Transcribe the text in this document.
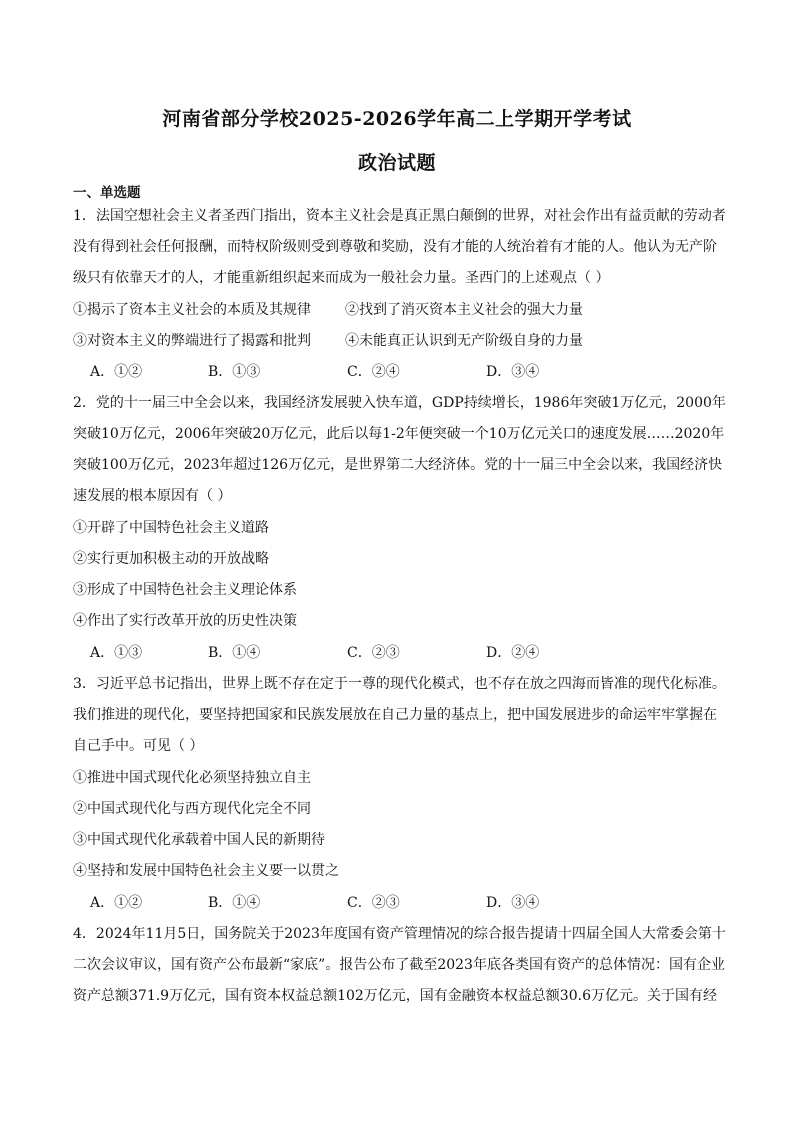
河南省部分学校2025-2026学年高二上学期开学考试
政治试题
一、单选题
1．法国空想社会主义者圣西门指出，资本主义社会是真正黑白颠倒的世界，对社会作出有益贡献的劳动者
没有得到社会任何报酬，而特权阶级则受到尊敬和奖励，没有才能的人统治着有才能的人。他认为无产阶
级只有依靠天才的人，才能重新组织起来而成为一般社会力量。圣西门的上述观点（ ）
①揭示了资本主义社会的本质及其规律 ②找到了消灭资本主义社会的强大力量
③对资本主义的弊端进行了揭露和批判 ④未能真正认识到无产阶级自身的力量
A．①②	B．①③	C．②④	D．③④
2．党的十一届三中全会以来，我国经济发展驶入快车道，GDP持续增长，1986年突破1万亿元，2000年
突破10万亿元，2006年突破20万亿元，此后以每1-2年便突破一个10万亿元关口的速度发展……2020年
突破100万亿元，2023年超过126万亿元，是世界第二大经济体。党的十一届三中全会以来，我国经济快
速发展的根本原因有（ ）
①开辟了中国特色社会主义道路
②实行更加积极主动的开放战略
③形成了中国特色社会主义理论体系
④作出了实行改革开放的历史性决策
A．①③	B．①④	C．②③	D．②④
3．习近平总书记指出，世界上既不存在定于一尊的现代化模式，也不存在放之四海而皆准的现代化标准。
我们推进的现代化，要坚持把国家和民族发展放在自己力量的基点上，把中国发展进步的命运牢牢掌握在
自己手中。可见（ ）
①推进中国式现代化必须坚持独立自主
②中国式现代化与西方现代化完全不同
③中国式现代化承载着中国人民的新期待
④坚持和发展中国特色社会主义要一以贯之
A．①②	B．①④	C．②③	D．③④
4．2024年11月5日，国务院关于2023年度国有资产管理情况的综合报告提请十四届全国人大常委会第十
二次会议审议，国有资产公布最新“家底”。报告公布了截至2023年底各类国有资产的总体情况：国有企业
资产总额371.9万亿元，国有资本权益总额102万亿元，国有金融资本权益总额30.6万亿元。关于国有经
